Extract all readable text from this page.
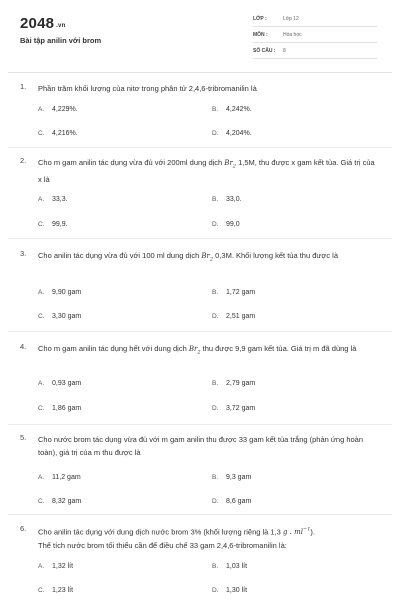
2048 .vn
Bài tập anilin với brom
LỚP :	Lớp 12
MÔN :	Hóa học
SỐ CÂU : 8
1. Phần trăm khối lượng của nitơ trong phân tử 2,4,6-tribromanilin là
A. 4,229%.	B. 4,242%.
C. 4,216%.	D. 4,204%.
2. Cho m gam anilin tác dụng vừa đủ với 200ml dung dịch $Br_2$ 1,5M, thu được x gam kết tủa. Giá trị của x là
A. 33,3.	B. 33,0.
C. 99,9.	D. 99,0
3. Cho anilin tác dụng vừa đủ với 100 ml dung dịch $Br_2$ 0,3M. Khối lượng kết tủa thu được là
A. 9,90 gam	B. 1,72 gam
C. 3,30 gam	D. 2,51 gam
4. Cho m gam anilin tác dụng hết với dung dịch $Br_2$ thu được 9,9 gam kết tủa. Giá trị m đã dùng là
A. 0,93 gam	B. 2,79 gam
C. 1,86 gam	D. 3,72 gam
5. Cho nước brom tác dụng vừa đủ với m gam anilin thu được 33 gam kết tủa trắng (phản ứng hoàn toàn), giá trị của m thu được là
A. 11,2 gam	B. 9,3 gam
C. 8,32 gam	D. 8,6 gam
6. Cho anilin tác dụng với dung dịch nước brom 3% (khối lượng riêng là 1,3 g . $ml^{-1}$).
Thể tích nước brom tối thiểu cần để điều chế 33 gam 2,4,6-tribromanilin là:
A. 1,32 lít	B. 1,03 lít
C. 1,23 lít	D. 1,30 lít
